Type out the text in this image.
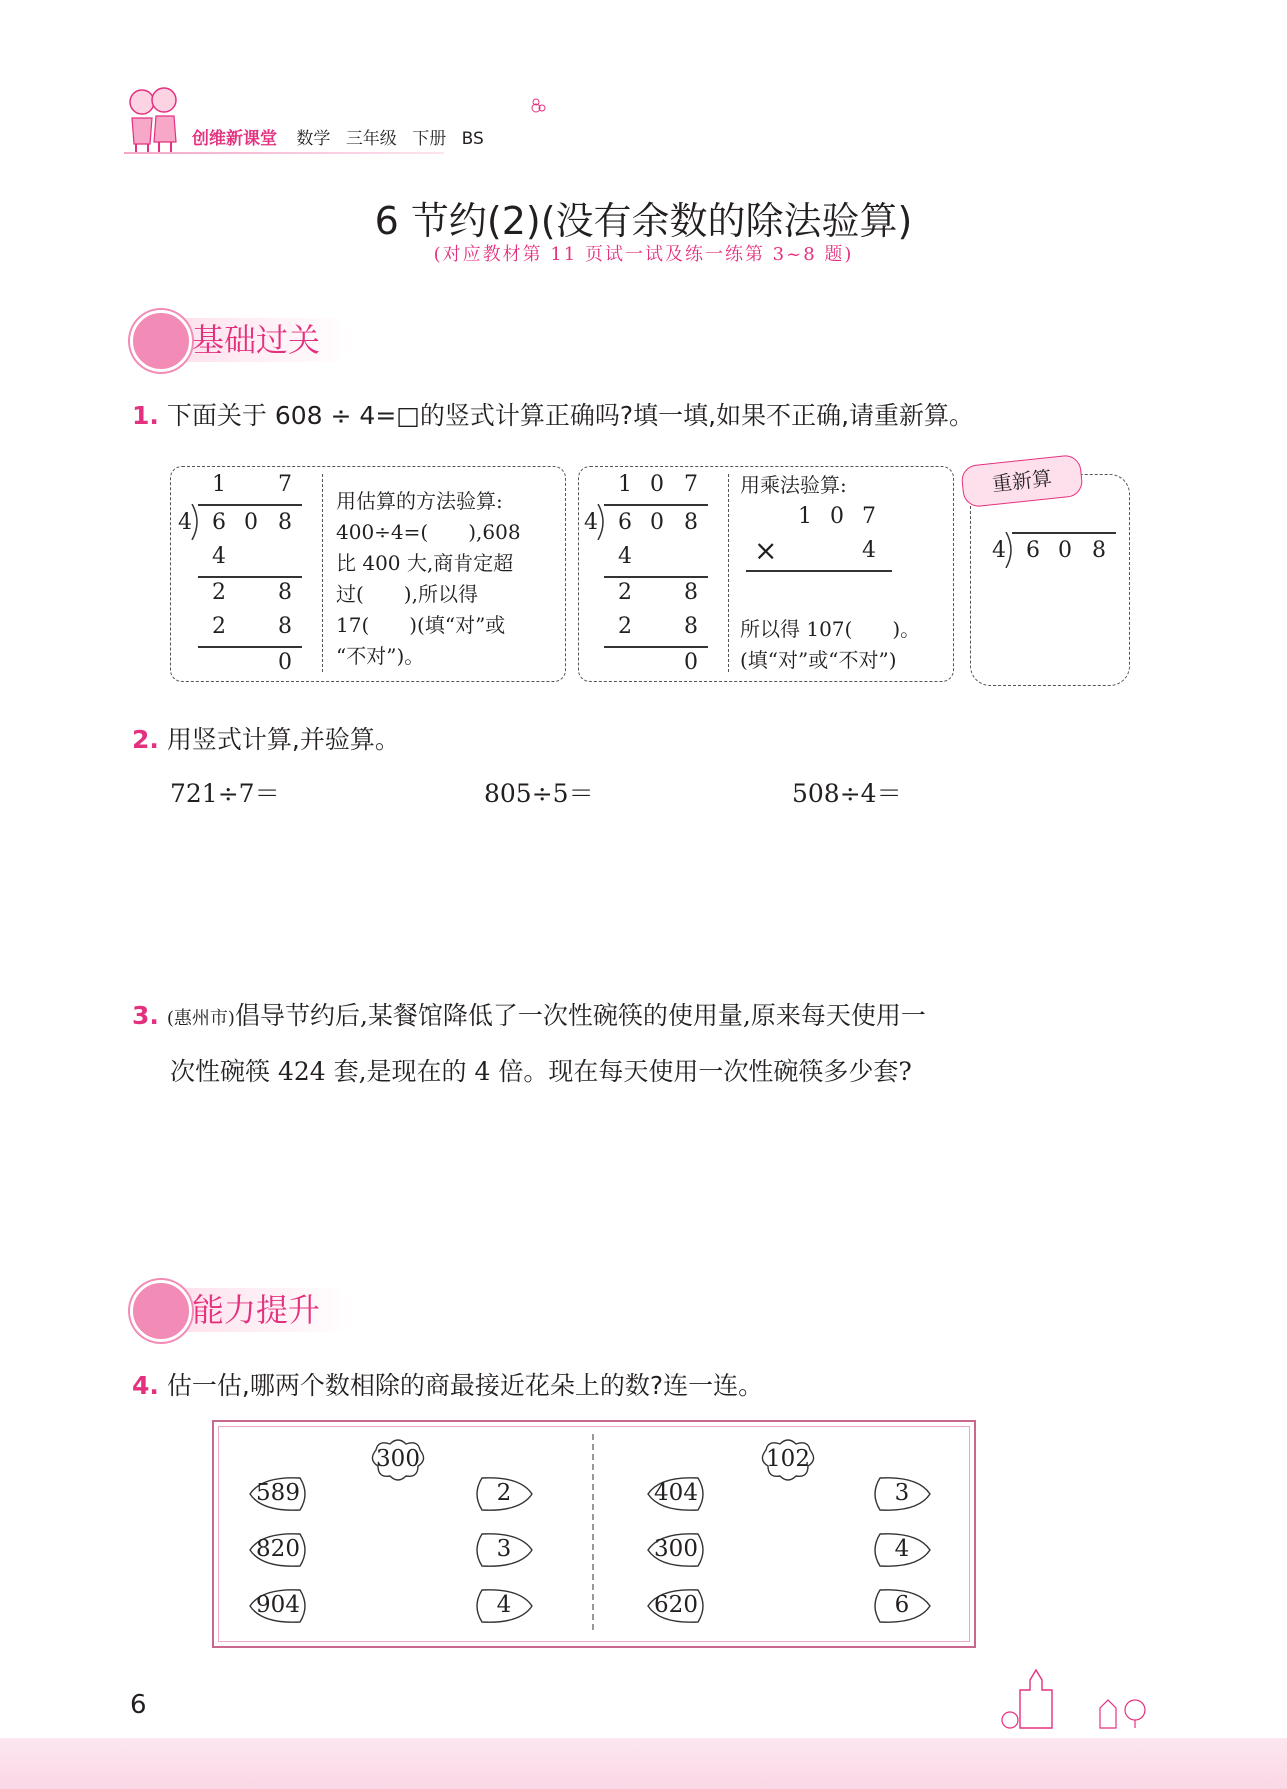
创维新课堂 数学 三年级 下册 BS
6 节约(2)(没有余数的除法验算)
(对应教材第 11 页试一试及练一练第 3~8 题)
基础过关
1. 下面关于 608 ÷ 4=□的竖式计算正确吗?填一填,如果不正确,请重新算。
1 7
4 6 0 8
4
2 8
2 8
0
用估算的方法验算:
400÷4=(　　),608
比 400 大,商肯定超
过(　　),所以得
17(　　)(填“对”或
“不对”)。
1 0 7
4 6 0 8
4
2 8
2 8
0
用乘法验算:
1 0 7
×	4
所以得 107(　　)。
(填“对”或“不对”)
重新算
4 6 0 8
2. 用竖式计算,并验算。
721÷7＝	805÷5＝	508÷4＝
3. (惠州市)倡导节约后,某餐馆降低了一次性碗筷的使用量,原来每天使用一
次性碗筷 424 套,是现在的 4 倍。现在每天使用一次性碗筷多少套?
能力提升
4. 估一估,哪两个数相除的商最接近花朵上的数?连一连。
300
589
820
904
2
3
4
102
404
300
620
3
4
6
6
